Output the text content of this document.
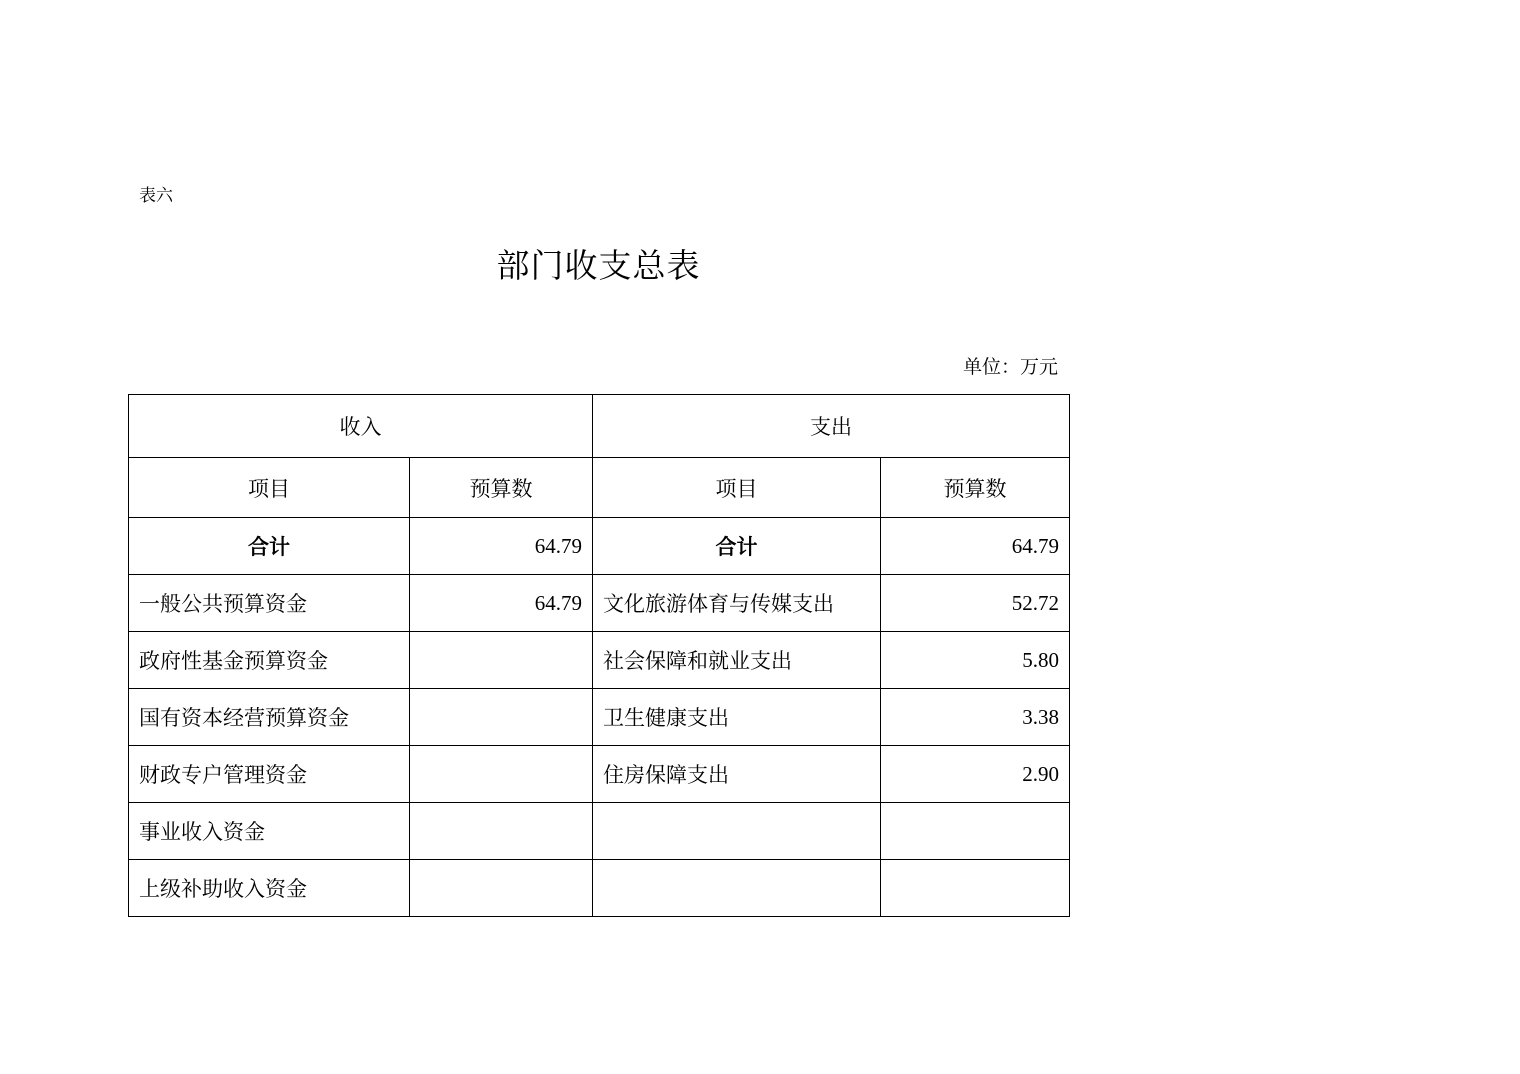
表六
部门收支总表
单位：万元
收入		支出	
项目	预算数	项目	预算数
合计	64.79	合计	64.79
一般公共预算资金	64.79	文化旅游体育与传媒支出	52.72
政府性基金预算资金		社会保障和就业支出	5.80
国有资本经营预算资金		卫生健康支出	3.38
财政专户管理资金		住房保障支出	2.90
事业收入资金			
上级补助收入资金			
